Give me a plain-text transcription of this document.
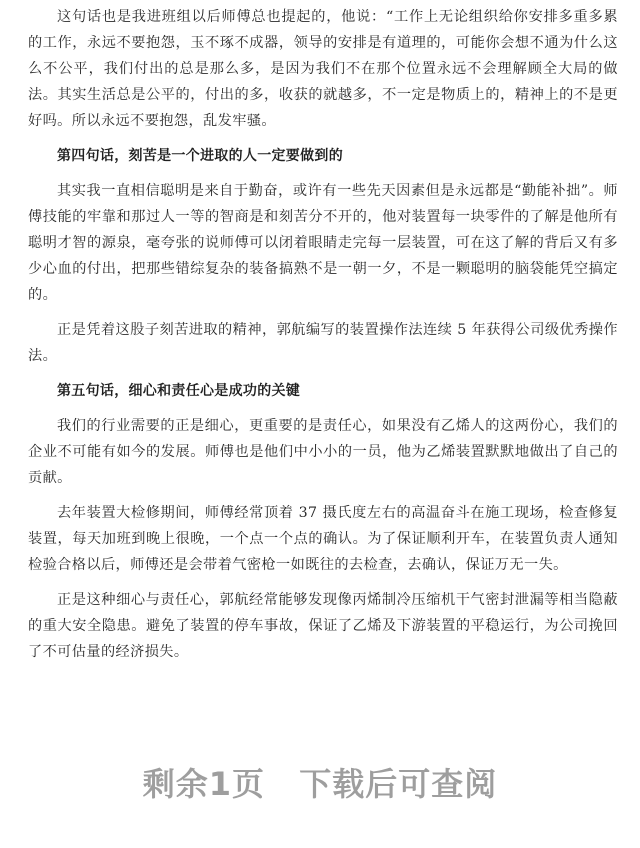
这句话也是我进班组以后师傅总也提起的，他说：“工作上无论组织给你安排多重多累的工作，永远不要抱怨，玉不琢不成器，领导的安排是有道理的，可能你会想不通为什么这么不公平，我们付出的总是那么多，是因为我们不在那个位置永远不会理解顾全大局的做法。其实生活总是公平的，付出的多，收获的就越多，不一定是物质上的，精神上的不是更好吗。所以永远不要抱怨，乱发牢骚。

第四句话，刻苦是一个进取的人一定要做到的

其实我一直相信聪明是来自于勤奋，或许有一些先天因素但是永远都是“勤能补拙”。师傅技能的牢靠和那过人一等的智商是和刻苦分不开的，他对装置每一块零件的了解是他所有聪明才智的源泉，毫夸张的说师傅可以闭着眼睛走完每一层装置，可在这了解的背后又有多少心血的付出，把那些错综复杂的装备搞熟不是一朝一夕，不是一颗聪明的脑袋能凭空搞定的。

正是凭着这股子刻苦进取的精神，郭航编写的装置操作法连续 5 年获得公司级优秀操作法。

第五句话，细心和责任心是成功的关键

我们的行业需要的正是细心，更重要的是责任心，如果没有乙烯人的这两份心，我们的企业不可能有如今的发展。师傅也是他们中小小的一员，他为乙烯装置默默地做出了自己的贡献。

去年装置大检修期间，师傅经常顶着 37 摄氏度左右的高温奋斗在施工现场，检查修复装置，每天加班到晚上很晚，一个点一个点的确认。为了保证顺利开车，在装置负责人通知检验合格以后，师傅还是会带着气密枪一如既往的去检查，去确认，保证万无一失。

正是这种细心与责任心，郭航经常能够发现像丙烯制冷压缩机干气密封泄漏等相当隐蔽的重大安全隐患。避免了装置的停车事故，保证了乙烯及下游装置的平稳运行，为公司挽回了不可估量的经济损失。

剩余1页 下载后可查阅
